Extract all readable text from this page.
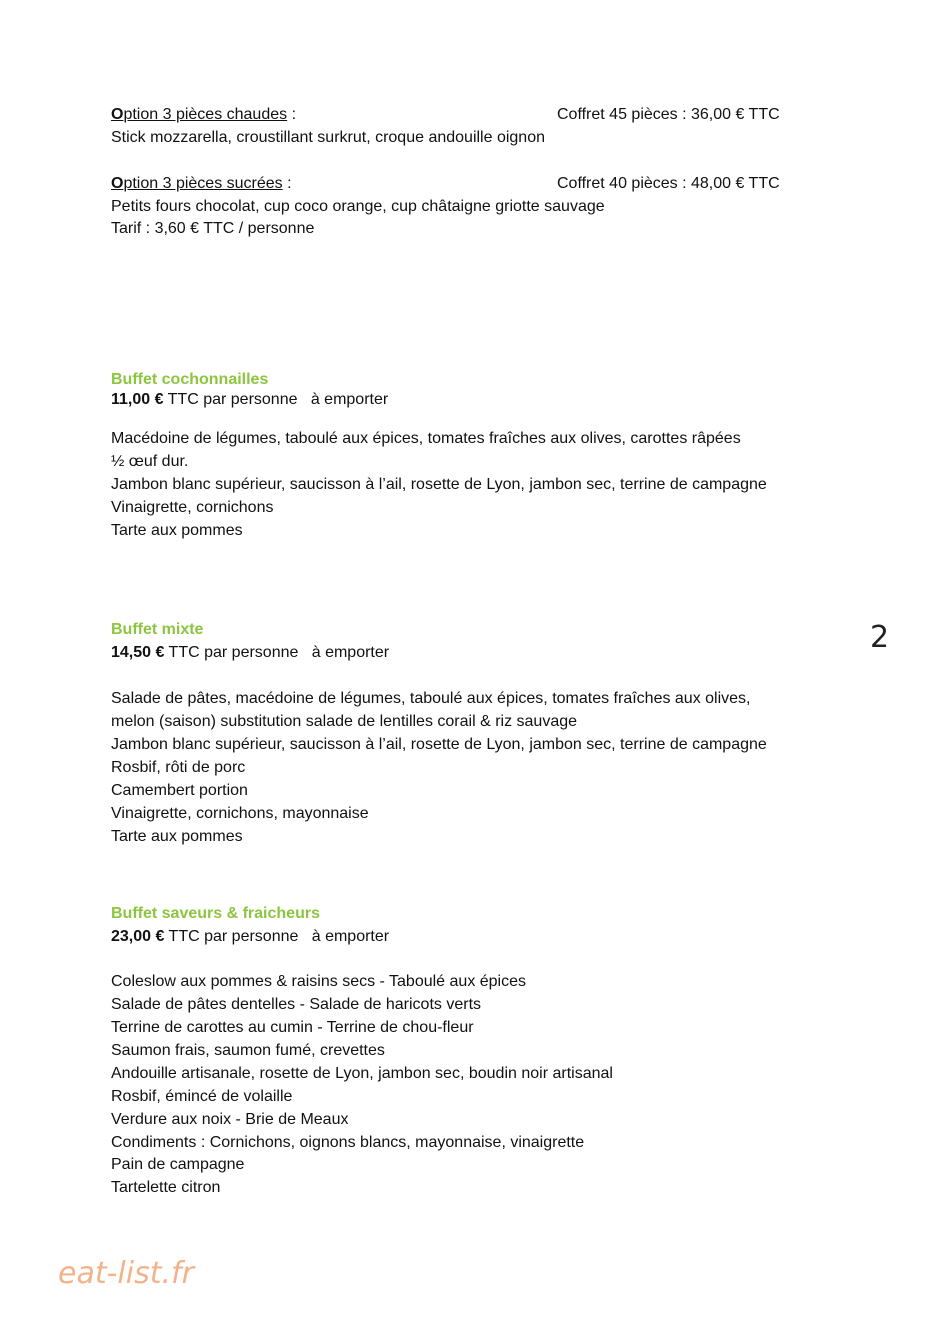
Option 3 pièces chaudes :	Coffret 45 pièces : 36,00 € TTC
Stick mozzarella, croustillant surkrut, croque andouille oignon
Option 3 pièces sucrées :	Coffret 40 pièces : 48,00 € TTC
Petits fours chocolat, cup coco orange, cup châtaigne griotte sauvage
Tarif : 3,60 € TTC / personne
Buffet cochonnailles
11,00 € TTC par personne   à emporter
Macédoine de légumes, taboulé aux épices, tomates fraîches aux olives, carottes râpées
½ œuf dur.
Jambon blanc supérieur, saucisson à l’ail, rosette de Lyon, jambon sec, terrine de campagne
Vinaigrette, cornichons
Tarte aux pommes
Buffet mixte
14,50 € TTC par personne   à emporter	2
Salade de pâtes, macédoine de légumes, taboulé aux épices, tomates fraîches aux olives,
melon (saison) substitution salade de lentilles corail & riz sauvage
Jambon blanc supérieur, saucisson à l’ail, rosette de Lyon, jambon sec, terrine de campagne
Rosbif, rôti de porc
Camembert portion
Vinaigrette, cornichons, mayonnaise
Tarte aux pommes
Buffet saveurs & fraicheurs
23,00 € TTC par personne   à emporter
Coleslow aux pommes & raisins secs - Taboulé aux épices
Salade de pâtes dentelles - Salade de haricots verts
Terrine de carottes au cumin - Terrine de chou-fleur
Saumon frais, saumon fumé, crevettes
Andouille artisanale, rosette de Lyon, jambon sec, boudin noir artisanal
Rosbif, émincé de volaille
Verdure aux noix - Brie de Meaux
Condiments : Cornichons, oignons blancs, mayonnaise, vinaigrette
Pain de campagne
Tartelette citron
eat-list.fr
